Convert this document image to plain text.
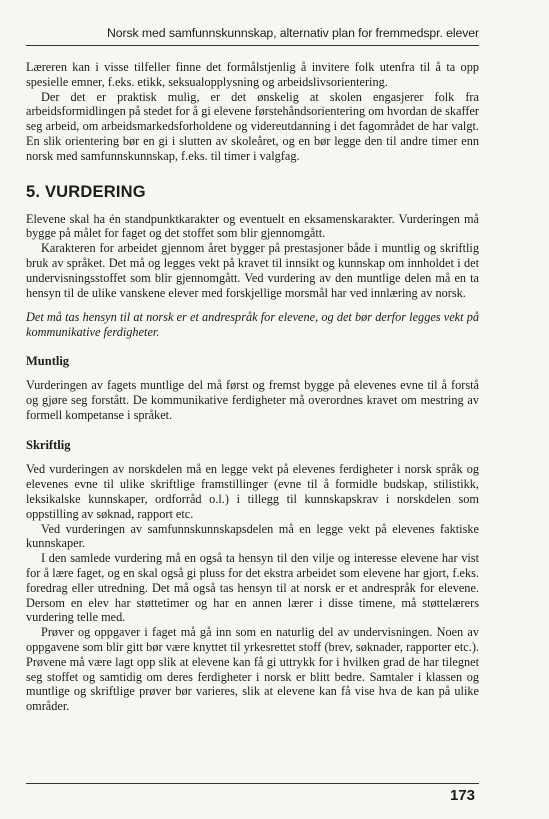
Norsk med samfunnskunnskap, alternativ plan for fremmedspr. elever

Læreren kan i visse tilfeller finne det formålstjenlig å invitere folk utenfra til å ta opp spesielle emner, f.eks. etikk, seksualopplysning og arbeidslivsorientering.

Der det er praktisk mulig, er det ønskelig at skolen engasjerer folk fra arbeidsformidlingen på stedet for å gi elevene førstehåndsorientering om hvordan de skaffer seg arbeid, om arbeidsmarkedsforholdene og videreutdanning i det fagområdet de har valgt. En slik orientering bør en gi i slutten av skoleåret, og en bør legge den til andre timer enn norsk med samfunnskunnskap, f.eks. til timer i valgfag.

5. VURDERING

Elevene skal ha én standpunktkarakter og eventuelt en eksamenskarakter. Vurderingen må bygge på målet for faget og det stoffet som blir gjennomgått.

Karakteren for arbeidet gjennom året bygger på prestasjoner både i muntlig og skriftlig bruk av språket. Det må og legges vekt på kravet til innsikt og kunnskap om innholdet i det undervisningsstoffet som blir gjennomgått. Ved vurdering av den muntlige delen må en ta hensyn til de ulike vanskene elever med forskjellige morsmål har ved innlæring av norsk.

Det må tas hensyn til at norsk er et andrespråk for elevene, og det bør derfor legges vekt på kommunikative ferdigheter.

Muntlig

Vurderingen av fagets muntlige del må først og fremst bygge på elevenes evne til å forstå og gjøre seg forstått. De kommunikative ferdigheter må overordnes kravet om mestring av formell kompetanse i språket.

Skriftlig

Ved vurderingen av norskdelen må en legge vekt på elevenes ferdigheter i norsk språk og elevenes evne til ulike skriftlige framstillinger (evne til å formidle budskap, stilistikk, leksikalske kunnskaper, ordforråd o.l.) i tillegg til kunnskapskrav i norskdelen som oppstilling av søknad, rapport etc.

Ved vurderingen av samfunnskunnskapsdelen må en legge vekt på elevenes faktiske kunnskaper.

I den samlede vurdering må en også ta hensyn til den vilje og interesse elevene har vist for å lære faget, og en skal også gi pluss for det ekstra arbeidet som elevene har gjort, f.eks. foredrag eller utredning. Det må også tas hensyn til at norsk er et andrespråk for elevene. Dersom en elev har støttetimer og har en annen lærer i disse timene, må støttelærers vurdering telle med.

Prøver og oppgaver i faget må gå inn som en naturlig del av undervisningen. Noen av oppgavene som blir gitt bør være knyttet til yrkesrettet stoff (brev, søknader, rapporter etc.). Prøvene må være lagt opp slik at elevene kan få gi uttrykk for i hvilken grad de har tilegnet seg stoffet og samtidig om deres ferdigheter i norsk er blitt bedre. Samtaler i klassen og muntlige og skriftlige prøver bør varieres, slik at elevene kan få vise hva de kan på ulike områder.

173
